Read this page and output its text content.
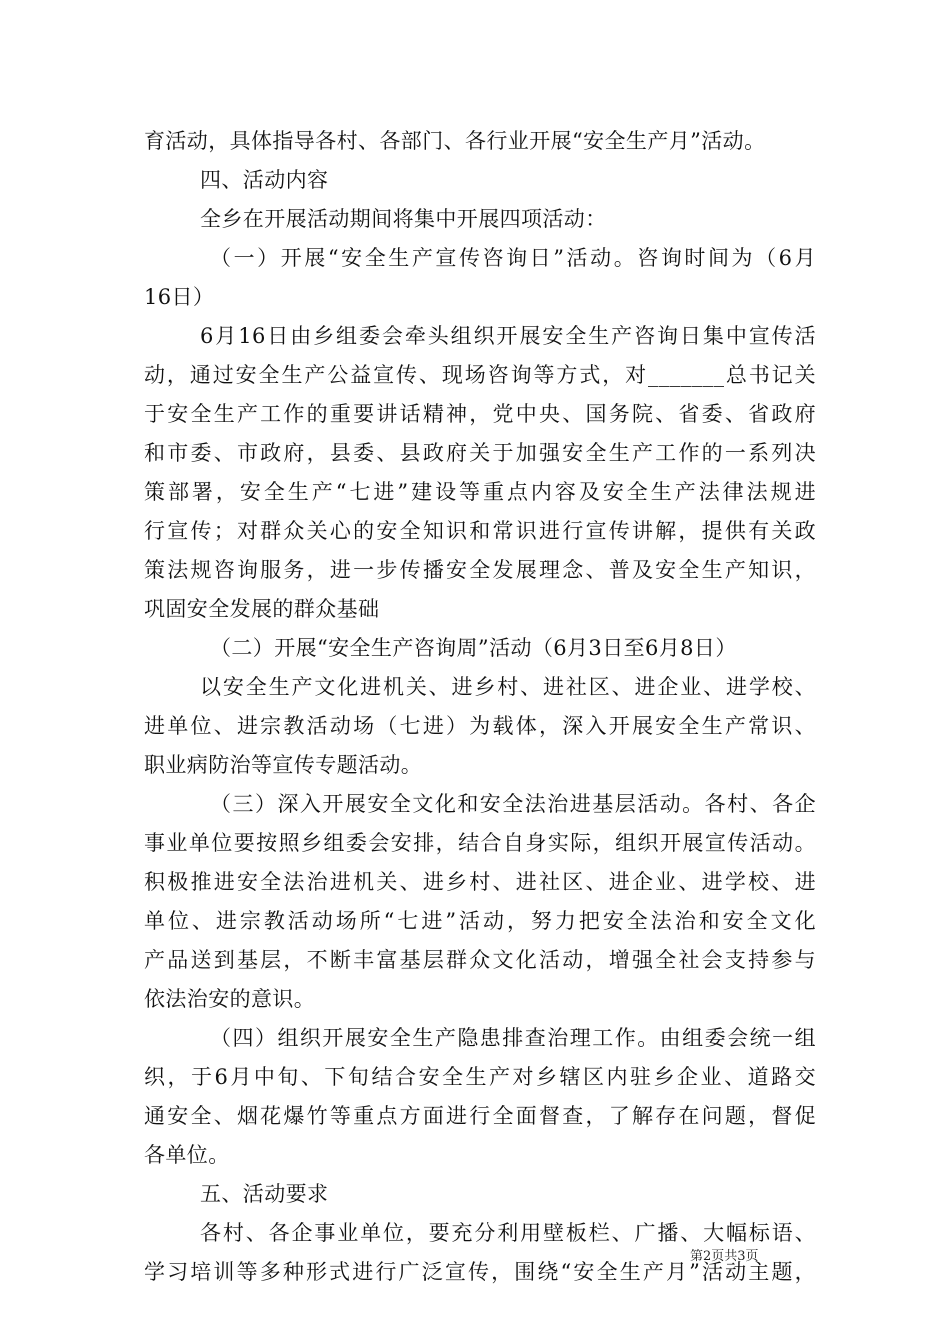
育活动，具体指导各村、各部门、各行业开展“安全生产月”活动。
四、活动内容
全乡在开展活动期间将集中开展四项活动：
（一）开展“安全生产宣传咨询日”活动。咨询时间为（6月
16日）
6月16日由乡组委会牵头组织开展安全生产咨询日集中宣传活
动，通过安全生产公益宣传、现场咨询等方式，对_______总书记关
于安全生产工作的重要讲话精神，党中央、国务院、省委、省政府
和市委、市政府，县委、县政府关于加强安全生产工作的一系列决
策部署，安全生产“七进”建设等重点内容及安全生产法律法规进
行宣传；对群众关心的安全知识和常识进行宣传讲解，提供有关政
策法规咨询服务，进一步传播安全发展理念、普及安全生产知识，
巩固安全发展的群众基础
（二）开展“安全生产咨询周”活动（6月3日至6月8日）
以安全生产文化进机关、进乡村、进社区、进企业、进学校、
进单位、进宗教活动场（七进）为载体，深入开展安全生产常识、
职业病防治等宣传专题活动。
（三）深入开展安全文化和安全法治进基层活动。各村、各企
事业单位要按照乡组委会安排，结合自身实际，组织开展宣传活动。
积极推进安全法治进机关、进乡村、进社区、进企业、进学校、进
单位、进宗教活动场所“七进”活动，努力把安全法治和安全文化
产品送到基层，不断丰富基层群众文化活动，增强全社会支持参与
依法治安的意识。
（四）组织开展安全生产隐患排查治理工作。由组委会统一组
织，于6月中旬、下旬结合安全生产对乡辖区内驻乡企业、道路交
通安全、烟花爆竹等重点方面进行全面督查，了解存在问题，督促
各单位。
五、活动要求
各村、各企事业单位，要充分利用壁板栏、广播、大幅标语、
学习培训等多种形式进行广泛宣传，围绕“安全生产月”活动主题，

第2页共3页
